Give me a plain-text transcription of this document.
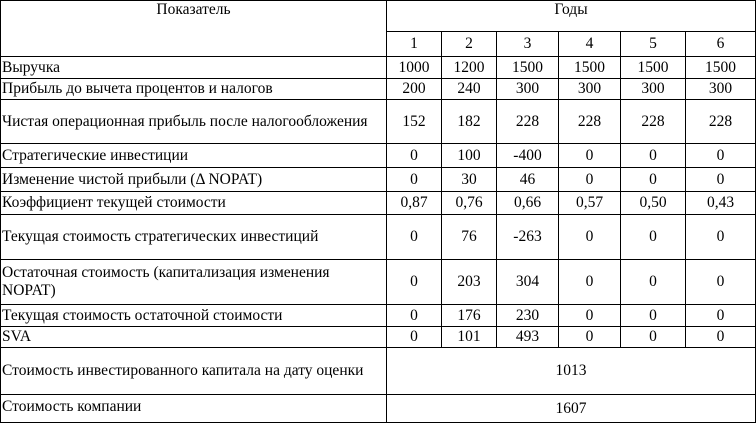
Показатель	Годы					
	1	2	3	4	5	6
Выручка	1000	1200	1500	1500	1500	1500
Прибыль до вычета процентов и налогов	200	240	300	300	300	300
Чистая операционная прибыль после налогообложения	152	182	228	228	228	228
Стратегические инвестиции	0	100	-400	0	0	0
Изменение чистой прибыли (Δ NOPAT)	0	30	46	0	0	0
Коэффициент текущей стоимости	0,87	0,76	0,66	0,57	0,50	0,43
Текущая стоимость стратегических инвестиций	0	76	-263	0	0	0
Остаточная стоимость (капитализация изменения NOPAT)	0	203	304	0	0	0
Текущая стоимость остаточной стоимости	0	176	230	0	0	0
SVA	0	101	493	0	0	0
Стоимость инвестированного капитала на дату оценки	1013					
Стоимость компании	1607					
